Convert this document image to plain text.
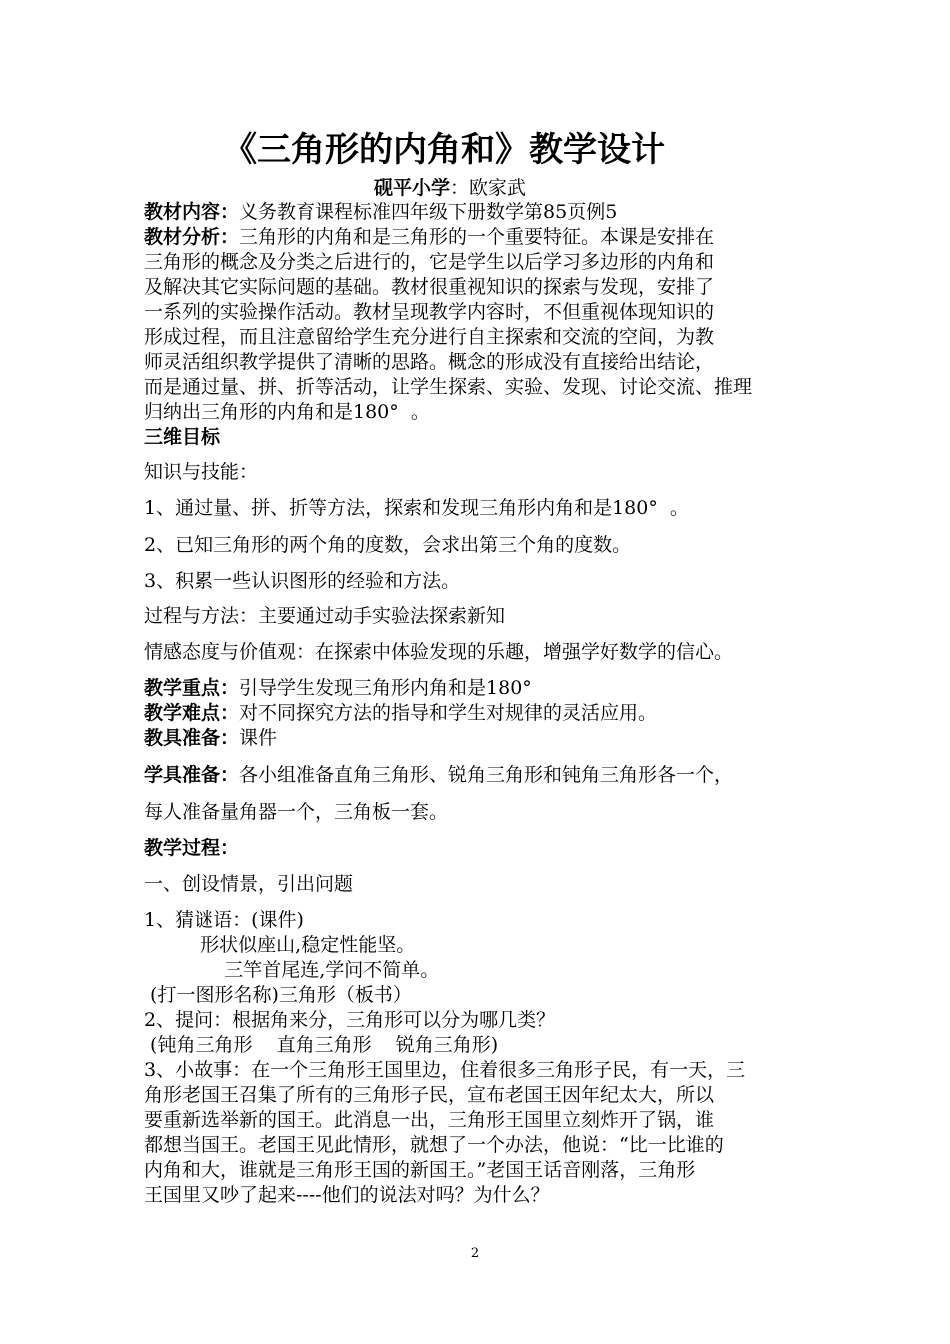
《三角形的内角和》教学设计
砚平小学：欧家武
教材内容：义务教育课程标准四年级下册数学第85页例5
教材分析：三角形的内角和是三角形的一个重要特征。本课是安排在
三角形的概念及分类之后进行的，它是学生以后学习多边形的内角和
及解决其它实际问题的基础。教材很重视知识的探索与发现，安排了
一系列的实验操作活动。教材呈现教学内容时，不但重视体现知识的
形成过程，而且注意留给学生充分进行自主探索和交流的空间，为教
师灵活组织教学提供了清晰的思路。概念的形成没有直接给出结论，
而是通过量、拼、折等活动，让学生探索、实验、发现、讨论交流、推理
归纳出三角形的内角和是180°  。
三维目标
知识与技能：
1、通过量、拼、折等方法，探索和发现三角形内角和是180°  。
2、已知三角形的两个角的度数，会求出第三个角的度数。
3、积累一些认识图形的经验和方法。
过程与方法：主要通过动手实验法探索新知
情感态度与价值观：在探索中体验发现的乐趣，增强学好数学的信心。
教学重点：引导学生发现三角形内角和是180°
教学难点：对不同探究方法的指导和学生对规律的灵活应用。
教具准备：课件
学具准备：各小组准备直角三角形、锐角三角形和钝角三角形各一个，
每人准备量角器一个，三角板一套。
教学过程：
一、创设情景，引出问题
1、猜谜语：(课件)
形状似座山,稳定性能坚。
三竿首尾连,学问不简单。
(打一图形名称)三角形（板书）
2、提问：根据角来分，三角形可以分为哪几类？
(钝角三角形    直角三角形    锐角三角形)
3、小故事：在一个三角形王国里边，住着很多三角形子民，有一天，三
角形老国王召集了所有的三角形子民，宣布老国王因年纪太大，所以
要重新选举新的国王。此消息一出，三角形王国里立刻炸开了锅，谁
都想当国王。老国王见此情形，就想了一个办法，他说：“比一比谁的
内角和大，谁就是三角形王国的新国王。”老国王话音刚落，三角形
王国里又吵了起来----他们的说法对吗？为什么？
2
